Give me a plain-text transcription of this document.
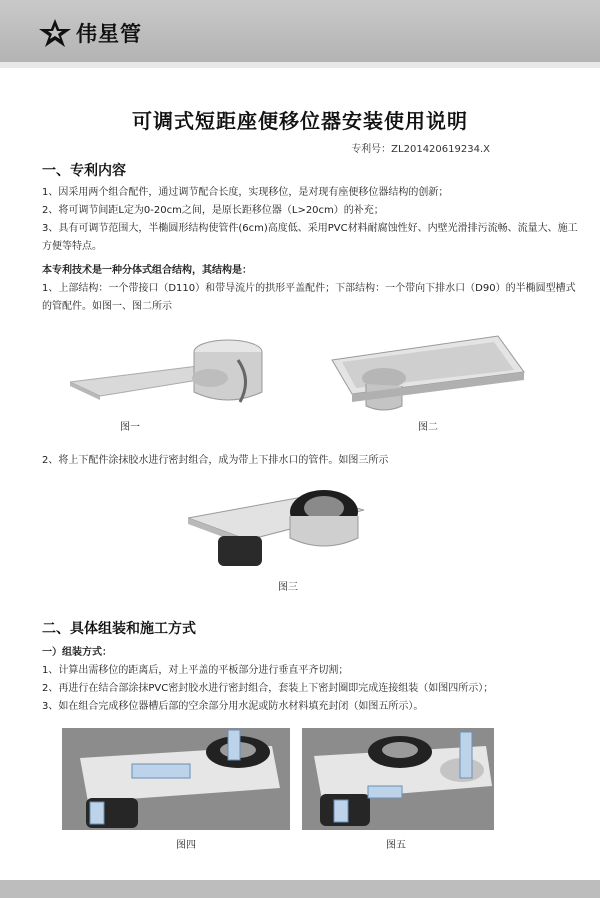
伟星管
可调式短距座便移位器安装使用说明
专利号：ZL201420619234.X
一、专利内容
1、因采用两个组合配件，通过调节配合长度，实现移位，是对现有座便移位器结构的创新；
2、将可调节间距L定为0-20cm之间，是原长距移位器（L>20cm）的补充；
3、具有可调节范围大，半椭圆形结构使管件(6cm)高度低、采用PVC材料耐腐蚀性好、内壁光滑排污流畅、流量大、施工方便等特点。
本专利技术是一种分体式组合结构，其结构是：
1、上部结构：一个带接口（D110）和带导流片的拱形平盖配件；下部结构：一个带向下排水口（D90）的半椭圆型槽式的管配件。如图一、图二所示
图一	图二
2、将上下配件涂抹胶水进行密封组合，成为带上下排水口的管件。如图三所示
图三
二、具体组装和施工方式
一）组装方式：
1、计算出需移位的距离后，对上平盖的平板部分进行垂直平齐切割；
2、再进行在结合部涂抹PVC密封胶水进行密封组合，套装上下密封圈即完成连接组装（如图四所示）；
3、如在组合完成移位器槽后部的空余部分用水泥或防水材料填充封闭（如图五所示）。
图四	图五
